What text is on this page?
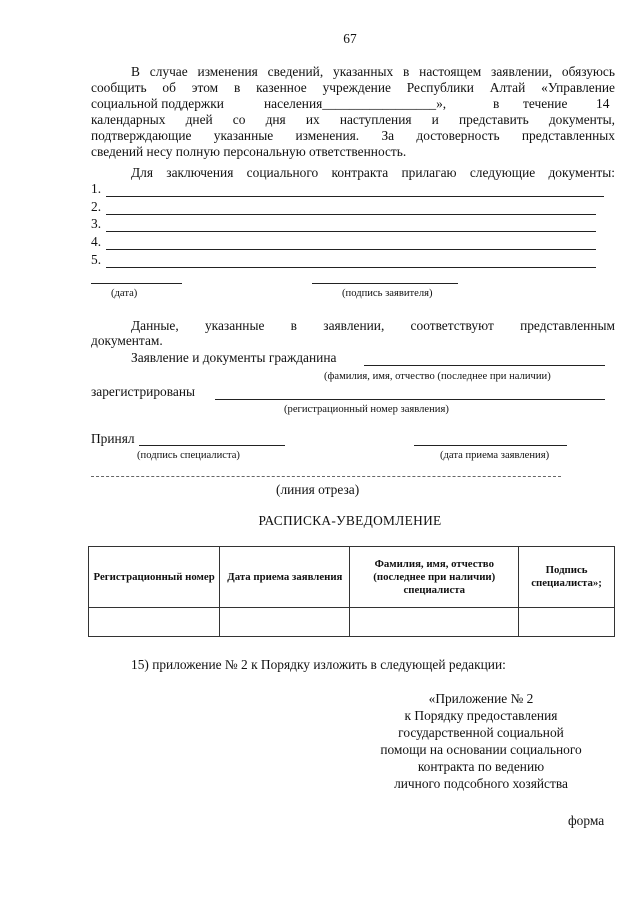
67
В случае изменения сведений, указанных в настоящем заявлении, обязуюсь
сообщить об этом в казенное учреждение Республики Алтай «Управление
социальной поддержки	населения_________________»,	в течение 14
календарных дней со дня их наступления и представить документы,
подтверждающие указанные изменения. За достоверность представленных
сведений несу полную персональную ответственность.
Для заключения социального контракта прилагаю следующие документы:
1.
2.
3.
4.
5.
(дата)	(подпись заявителя)
Данные, указанные в заявлении, соответствуют представленным
документам.
Заявление и документы гражданина
(фамилия, имя, отчество (последнее при наличии)
зарегистрированы
(регистрационный номер заявления)
Принял
(подпись специалиста)	(дата приема заявления)
(линия отреза)
РАСПИСКА-УВЕДОМЛЕНИЕ
Регистрационный номер	Дата приема заявления	Фамилия, имя, отчество (последнее при наличии) специалиста	Подпись специалиста»;

15) приложение № 2 к Порядку изложить в следующей редакции:
«Приложение № 2
к Порядку предоставления
государственной социальной
помощи на основании социального
контракта по ведению
личного подсобного хозяйства
форма
